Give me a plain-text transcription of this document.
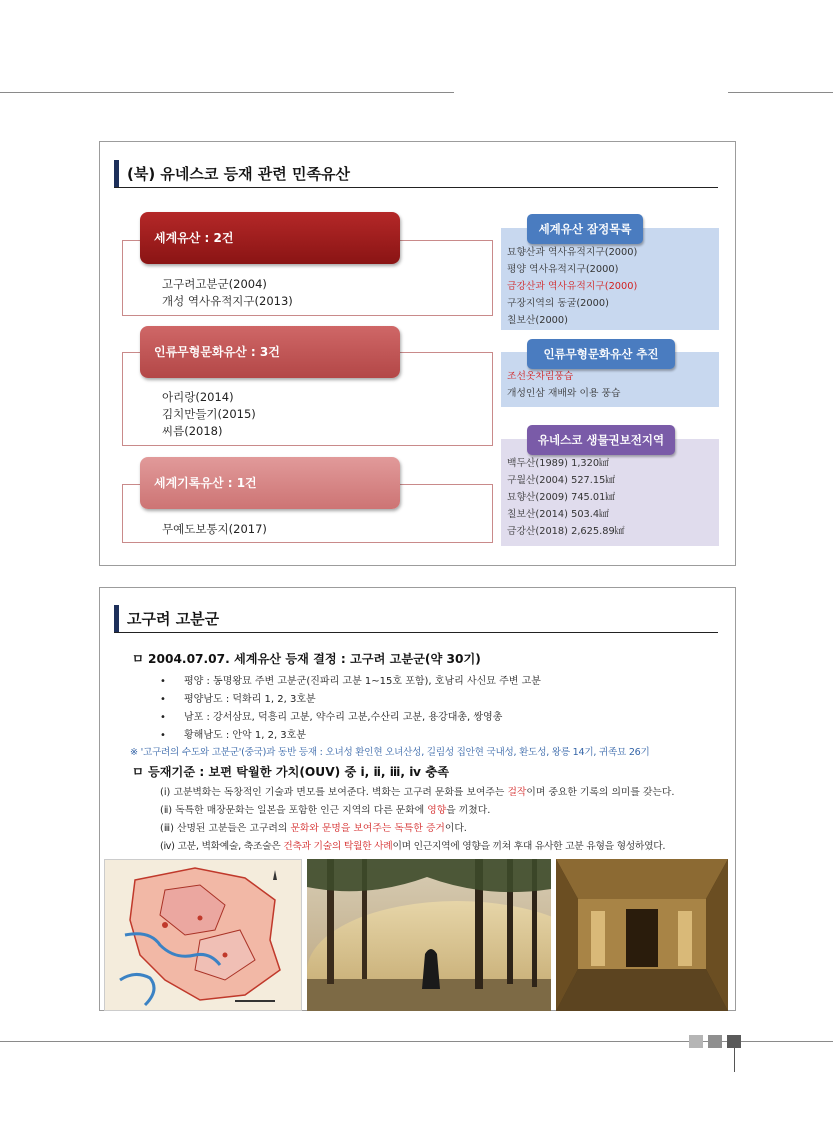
(북) 유네스코 등재 관련 민족유산
세계유산 : 2건
고구려고분군(2004)
개성 역사유적지구(2013)
인류무형문화유산 : 3건
아리랑(2014)
김치만들기(2015)
씨름(2018)
세계기록유산 : 1건
무예도보통지(2017)
묘향산과 역사유적지구(2000)
평양 역사유적지구(2000)
금강산과 역사유적지구(2000)
구장지역의 동굴(2000)
칠보산(2000)
세계유산 잠정목록
조선옷차림풍습
개성인삼 재배와 이용 풍습
인류무형문화유산 추진
백두산(1989) 1,320㎢
구월산(2004) 527.15㎢
묘향산(2009) 745.01㎢
칠보산(2014) 503.4㎢
금강산(2018) 2,625.89㎢
유네스코 생물권보전지역
고구려 고분군
ㅁ 2004.07.07. 세계유산 등재 결정 : 고구려 고분군(약 30기)
• 평양 : 동명왕묘 주변 고분군(진파리 고분 1~15호 포함), 호남리 사신묘 주변 고분
• 평양남도 : 덕화리 1, 2, 3호분
• 남포 : 강서삼묘, 덕흥리 고분, 약수리 고분,수산리 고분, 용강대총, 쌍영총
• 황해남도 : 안악 1, 2, 3호분
※ '고구려의 수도와 고분군'(중국)과 동반 등재 : 오녀성 환인현 오녀산성, 길림성 집안현 국내성, 환도성, 왕릉 14기, 귀족묘 26기
ㅁ 등재기준 : 보편 탁월한 가치(OUV) 중 ⅰ, ⅱ, ⅲ, ⅳ 충족
(ⅰ) 고분벽화는 독창적인 기술과 면모를 보여준다. 벽화는 고구려 문화를 보여주는 걸작이며 중요한 기록의 의미를 갖는다.
(ⅱ) 독특한 매장문화는 일본을 포함한 인근 지역의 다른 문화에 영향을 끼쳤다.
(ⅲ) 산명된 고분들은 고구려의 문화와 문명을 보여주는 독특한 증거이다.
(ⅳ) 고분, 벽화예술, 축조술은 건축과 기술의 탁월한 사례이며 인근지역에 영향을 끼쳐 후대 유사한 고분 유형을 형성하였다.
